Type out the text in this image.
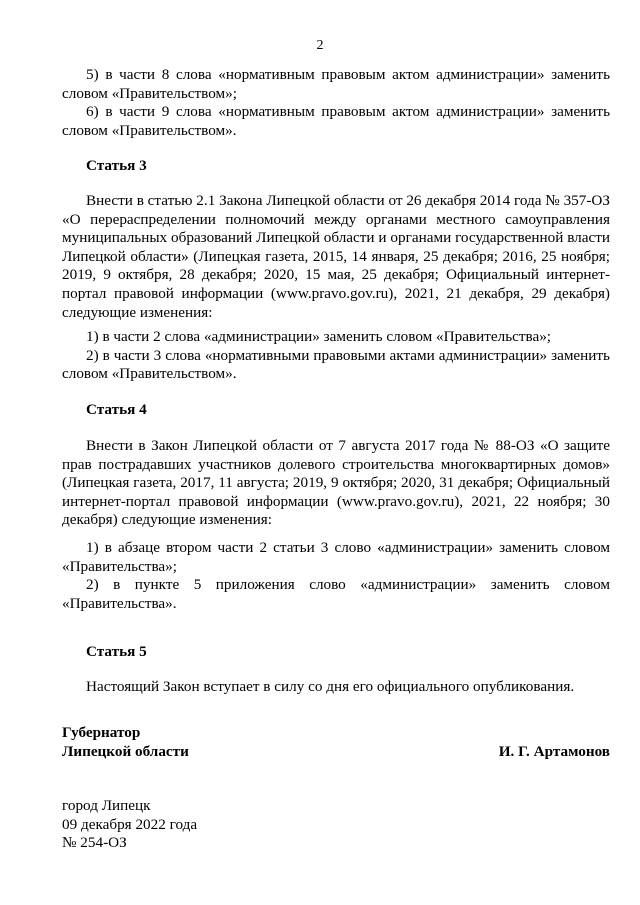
2

5) в части 8 слова «нормативным правовым актом администрации» заменить словом «Правительством»;

6) в части 9 слова «нормативным правовым актом администрации» заменить словом «Правительством».

Статья 3

Внести в статью 2.1 Закона Липецкой области от 26 декабря 2014 года № 357-ОЗ «О перераспределении полномочий между органами местного самоуправления муниципальных образований Липецкой области и органами государственной власти Липецкой области» (Липецкая газета, 2015, 14 января, 25 декабря; 2016, 25 ноября; 2019, 9 октября, 28 декабря; 2020, 15 мая, 25 декабря; Официальный интернет-портал правовой информации (www.pravo.gov.ru), 2021, 21 декабря, 29 декабря) следующие изменения:

1) в части 2 слова «администрации» заменить словом «Правительства»;

2) в части 3 слова «нормативными правовыми актами администрации» заменить словом «Правительством».

Статья 4

Внести в Закон Липецкой области от 7 августа 2017 года № 88-ОЗ «О защите прав пострадавших участников долевого строительства многоквартирных домов» (Липецкая газета, 2017, 11 августа; 2019, 9 октября; 2020, 31 декабря; Официальный интернет-портал правовой информации (www.pravo.gov.ru), 2021, 22 ноября; 30 декабря) следующие изменения:

1) в абзаце втором части 2 статьи 3 слово «администрации» заменить словом «Правительства»;

2) в пункте 5 приложения слово «администрации» заменить словом «Правительства».

Статья 5

Настоящий Закон вступает в силу со дня его официального опубликования.

Губернатор
Липецкой области	И. Г. Артамонов
город Липецк
09 декабря 2022 года
№ 254-ОЗ
